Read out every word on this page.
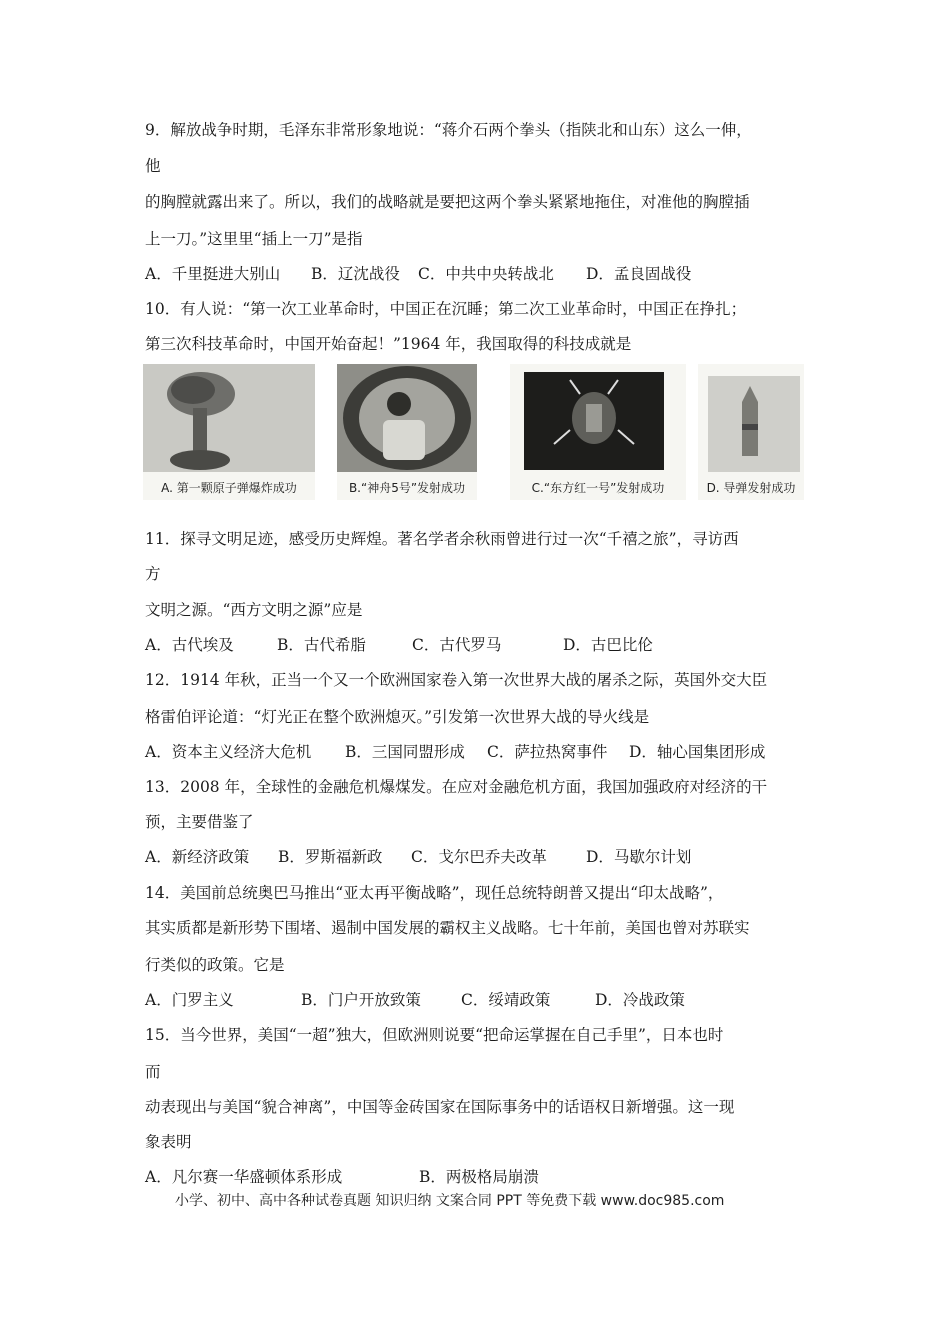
9．解放战争时期，毛泽东非常形象地说：“蒋介石两个拳头（指陕北和山东）这么一伸，
他
的胸膛就露出来了。所以，我们的战略就是要把这两个拳头紧紧地拖住，对准他的胸膛插
上一刀。”这里里“插上一刀”是指
A．千里挺进大别山 B．辽沈战役 C．中共中央转战北 D．孟良固战役
10．有人说：“第一次工业革命时，中国正在沉睡；第二次工业革命时，中国正在挣扎；
第三次科技革命时，中国开始奋起！”1964 年，我国取得的科技成就是
A. 第一颗原子弹爆炸成功	B.“神舟5号”发射成功	C.“东方红一号”发射成功	D. 导弹发射成功
11．探寻文明足迹，感受历史辉煌。著名学者余秋雨曾进行过一次“千禧之旅”，寻访西
方
文明之源。“西方文明之源”应是
A．古代埃及	B．古代希脂	C．古代罗马	D．古巴比伦
12．1914 年秋，正当一个又一个欧洲国家卷入第一次世界大战的屠杀之际，英国外交大臣
格雷伯评论道：“灯光正在整个欧洲熄灭。”引发第一次世界大战的导火线是
A．资本主义经济大危机 B．三国同盟形成 C．萨拉热窝事件 D．轴心国集团形成
13．2008 年，全球性的金融危机爆煤发。在应对金融危机方面，我国加强政府对经济的干
预，主要借鉴了
A．新经济政策 B．罗斯福新政 C．戈尔巴乔夫改革	D．马歇尔计划
14．美国前总统奥巴马推出“亚太再平衡战略”，现任总统特朗普又提出“印太战略”，
其实质都是新形势下围堵、遏制中国发展的霸权主义战略。七十年前，美国也曾对苏联实
行类似的政策。它是
A．门罗主义	B．门户开放致策	C．绥靖政策	D．冷战政策
15．当今世界，美国“一超”独大，但欧洲则说要“把命运掌握在自己手里”，日本也时
而
动表现出与美国“貌合神离”，中国等金砖国家在国际事务中的话语权日新增强。这一现
象表明
A．凡尔赛一华盛顿体系形成	B．两极格局崩溃
小学、初中、高中各种试卷真题 知识归纳 文案合同 PPT 等免费下载 www.doc985.com
